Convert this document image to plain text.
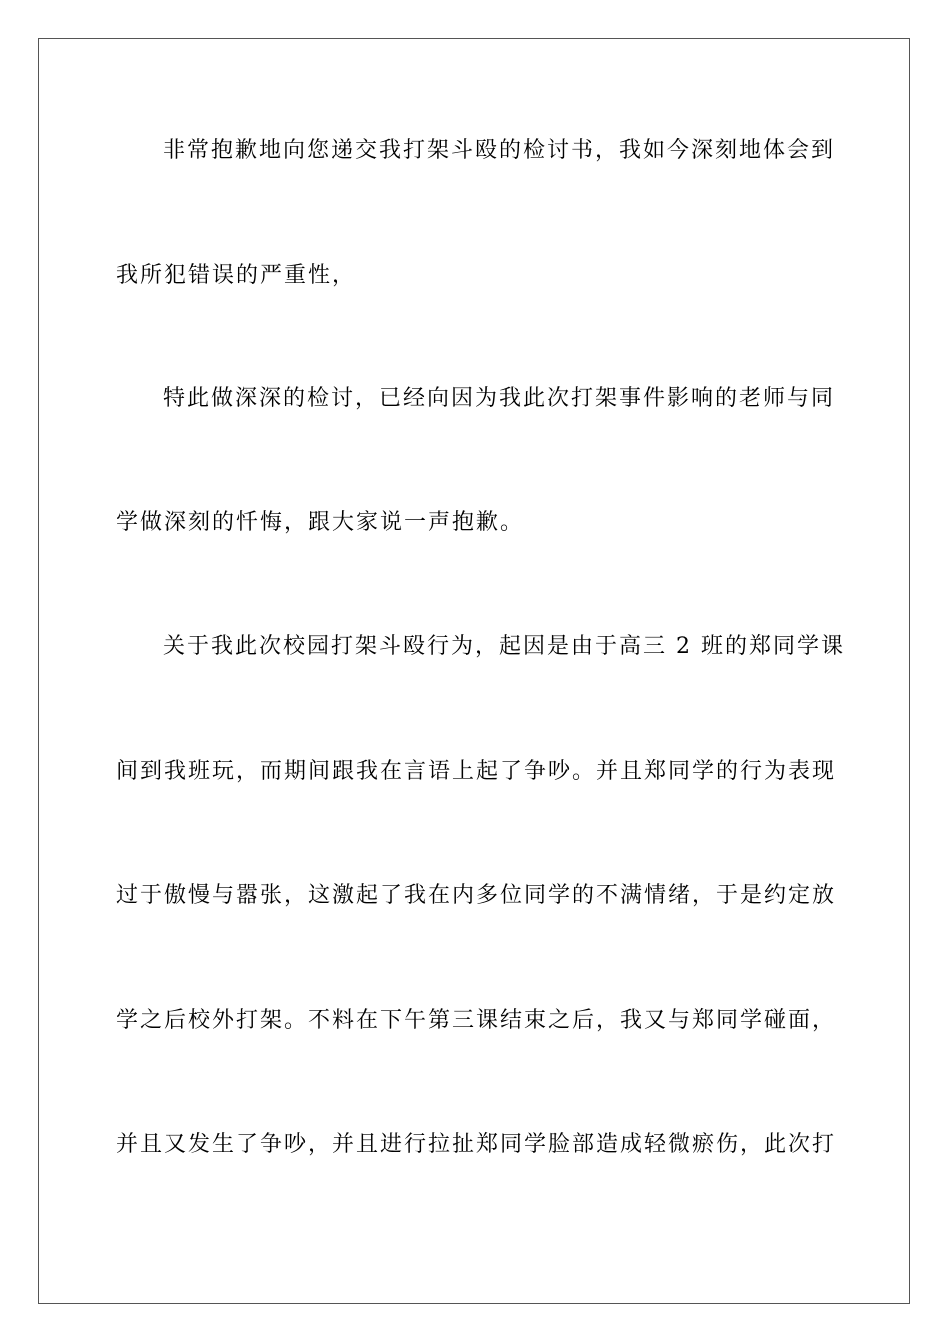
非常抱歉地向您递交我打架斗殴的检讨书，我如今深刻地体会到
我所犯错误的严重性，
特此做深深的检讨，已经向因为我此次打架事件影响的老师与同
学做深刻的忏悔，跟大家说一声抱歉。
关于我此次校园打架斗殴行为，起因是由于高三 2 班的郑同学课
间到我班玩，而期间跟我在言语上起了争吵。并且郑同学的行为表现
过于傲慢与嚣张，这激起了我在内多位同学的不满情绪，于是约定放
学之后校外打架。不料在下午第三课结束之后，我又与郑同学碰面，
并且又发生了争吵，并且进行拉扯郑同学脸部造成轻微瘀伤，此次打
